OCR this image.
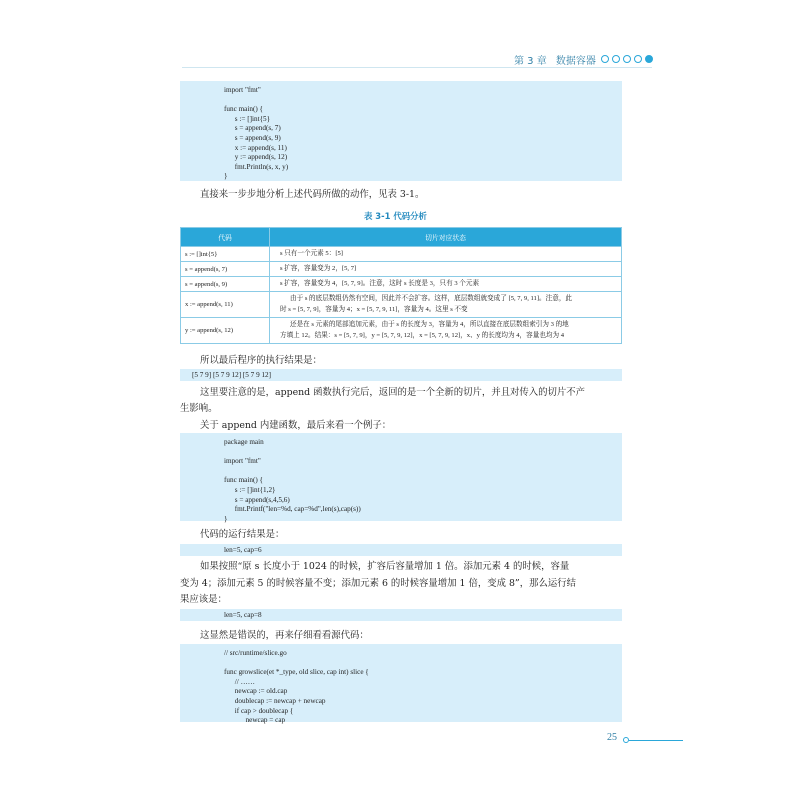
第 3 章 数据容器

import "fmt"
func main() {
s := []int{5}
s = append(s, 7)
s = append(s, 9)
x := append(s, 11)
y := append(s, 12)
fmt.Println(s, x, y)
}

直接来一步步地分析上述代码所做的动作，见表 3-1。
表 3-1 代码分析
代码	切片对应状态
s := []int{5}	s 只有一个元素 5：[5]

s = append(s, 7)	s 扩容，容量变为 2，[5, 7]

s = append(s, 9)	s 扩容，容量变为 4，[5, 7, 9]。注意，这时 s 长度是 3，只有 3 个元素

x := append(s, 11)	由于 s 的底层数组仍然有空间，因此并不会扩容。这样，底层数组就变成了 [5, 7, 9, 11]。注意，此
时 s = [5, 7, 9]，容量为 4；x = [5, 7, 9, 11]，容量为 4。这里 s 不变

y := append(s, 12)	还是在 s 元素的尾部追加元素，由于 s 的长度为 3，容量为 4，所以直接在底层数组索引为 3 的地
方填上 12。结果：s = [5, 7, 9]，y = [5, 7, 9, 12]，x = [5, 7, 9, 12]，x、y 的长度均为 4，容量也均为 4
所以最后程序的执行结果是：
[5 7 9] [5 7 9 12] [5 7 9 12]
这里要注意的是，append 函数执行完后，返回的是一个全新的切片，并且对传入的切片不产
生影响。
关于 append 内建函数，最后来看一个例子：

package main
import "fmt"
func main() {
s := []int{1,2}
s = append(s,4,5,6)
fmt.Printf("len=%d, cap=%d",len(s),cap(s))
}

代码的运行结果是：
len=5, cap=6
如果按照“原 s 长度小于 1024 的时候，扩容后容量增加 1 倍。添加元素 4 的时候，容量
变为 4；添加元素 5 的时候容量不变；添加元素 6 的时候容量增加 1 倍，变成 8”，那么运行结
果应该是：
len=5, cap=8
这显然是错误的，再来仔细看看源代码：

// src/runtime/slice.go
func growslice(et *_type, old slice, cap int) slice {
// ……
newcap := old.cap
doublecap := newcap + newcap
if cap > doublecap {
newcap = cap

25
